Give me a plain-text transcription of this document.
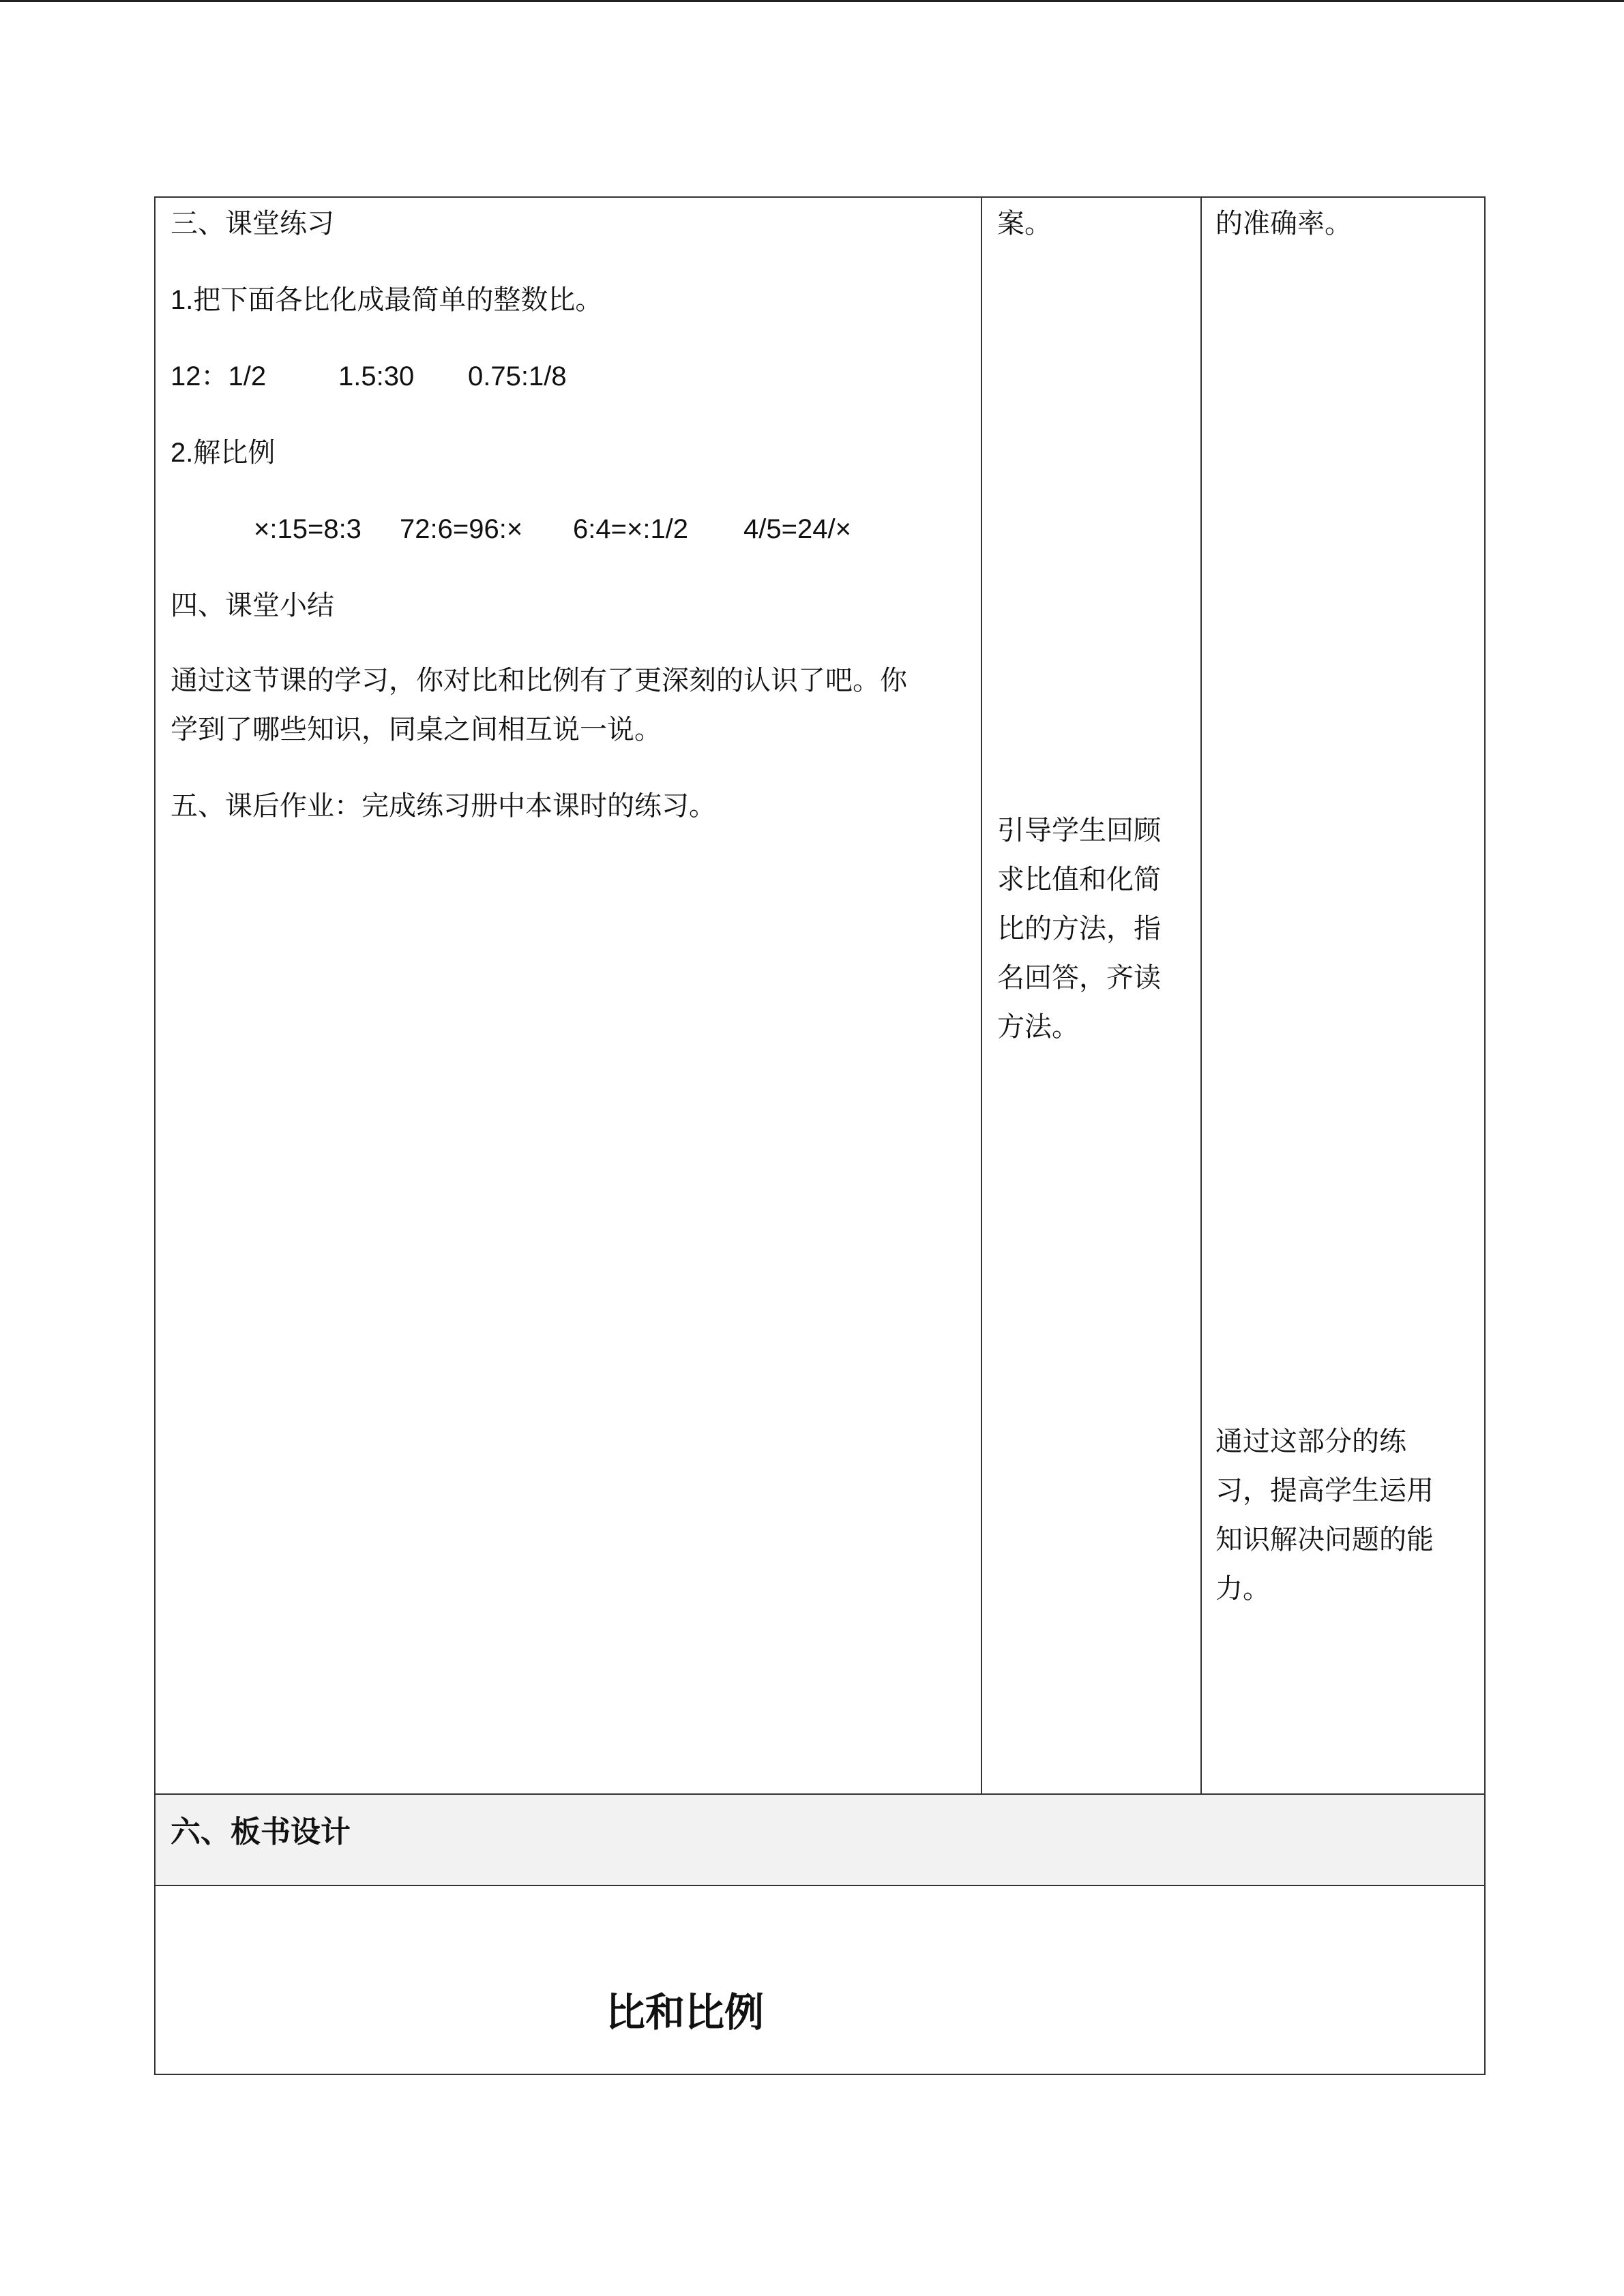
三、课堂练习
1.把下面各比化成最简单的整数比。
12：1/2	1.5:30 0.75:1/8
2.解比例
×:15=8:3 72:6=96:× 6:4=×:1/2 4/5=24/×
四、课堂小结
通过这节课的学习，你对比和比例有了更深刻的认识了吧。你
学到了哪些知识，同桌之间相互说一说。
五、课后作业：完成练习册中本课时的练习。
案。
引导学生回顾
求比值和化简
比的方法，指
名回答，齐读
方法。
的准确率。
通过这部分的练
习，提高学生运用
知识解决问题的能
力。
六、板书设计
比和比例
